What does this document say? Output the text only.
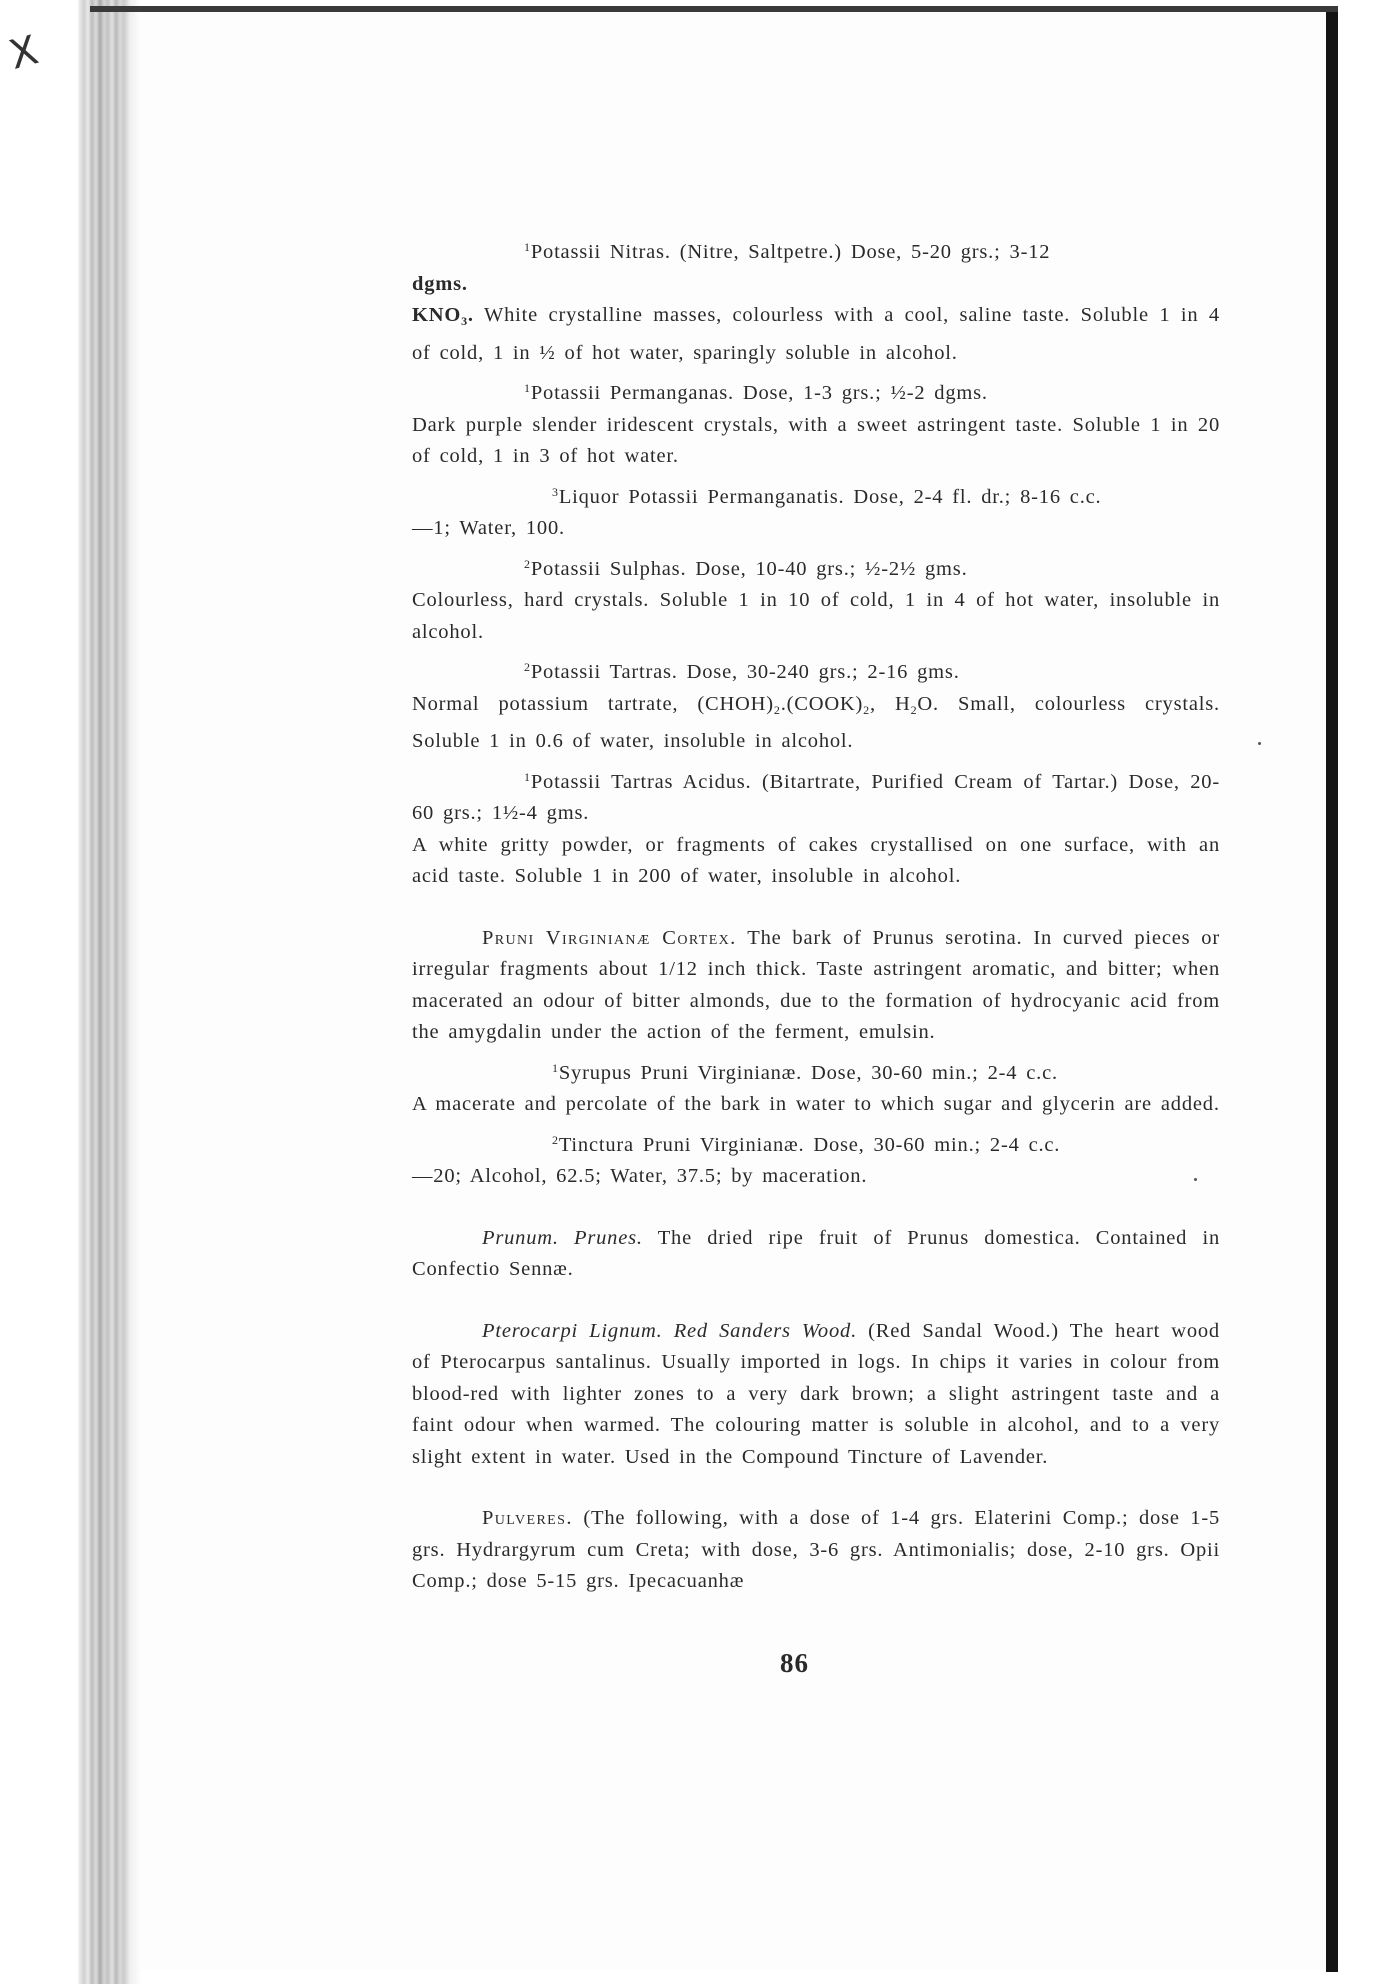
X

$^1$Potassii Nitras. (Nitre, Saltpetre.) Dose, 5-20 grs.; 3-12

dgms.

$KNO_3$. White crystalline masses, colourless with a cool, saline taste. Soluble 1 in 4 of cold, 1 in ½ of hot water, sparingly soluble in alcohol.

$^1$Potassii Permanganas. Dose, 1-3 grs.; ½-2 dgms.

Dark purple slender iridescent crystals, with a sweet astringent taste. Soluble 1 in 20 of cold, 1 in 3 of hot water.

$^3$Liquor Potassii Permanganatis. Dose, 2-4 fl. dr.; 8-16 c.c.

—1; Water, 100.

$^2$Potassii Sulphas. Dose, 10-40 grs.; ½-2½ gms.

Colourless, hard crystals. Soluble 1 in 10 of cold, 1 in 4 of hot water, insoluble in alcohol.

$^2$Potassii Tartras. Dose, 30-240 grs.; 2-16 gms.

Normal potassium tartrate, $(CHOH)_2.(COOK)_2$, $H_2O$. Small, colourless crystals. Soluble 1 in 0.6 of water, insoluble in alcohol.

$^1$Potassii Tartras Acidus. (Bitartrate, Purified Cream of Tartar.) Dose, 20-60 grs.; 1½-4 gms.

A white gritty powder, or fragments of cakes crystallised on one surface, with an acid taste. Soluble 1 in 200 of water, insoluble in alcohol.

Pruni Virginianæ Cortex. The bark of Prunus serotina. In curved pieces or irregular fragments about 1/12 inch thick. Taste astringent aromatic, and bitter; when macerated an odour of bitter almonds, due to the formation of hydrocyanic acid from the amygdalin under the action of the ferment, emulsin.

$^1$Syrupus Pruni Virginianæ. Dose, 30-60 min.; 2-4 c.c.

A macerate and percolate of the bark in water to which sugar and glycerin are added.

$^2$Tinctura Pruni Virginianæ. Dose, 30-60 min.; 2-4 c.c.

—20; Alcohol, 62.5; Water, 37.5; by maceration.

Prunum. Prunes. The dried ripe fruit of Prunus domestica. Contained in Confectio Sennæ.

Pterocarpi Lignum. Red Sanders Wood. (Red Sandal Wood.) The heart wood of Pterocarpus santalinus. Usually imported in logs. In chips it varies in colour from blood-red with lighter zones to a very dark brown; a slight astringent taste and a faint odour when warmed. The colouring matter is soluble in alcohol, and to a very slight extent in water. Used in the Compound Tincture of Lavender.

Pulveres. (The following, with a dose of 1-4 grs. Elaterini Comp.; dose 1-5 grs. Hydrargyrum cum Creta; with dose, 3-6 grs. Antimonialis; dose, 2-10 grs. Opii Comp.; dose 5-15 grs. Ipecacuanhæ

86
